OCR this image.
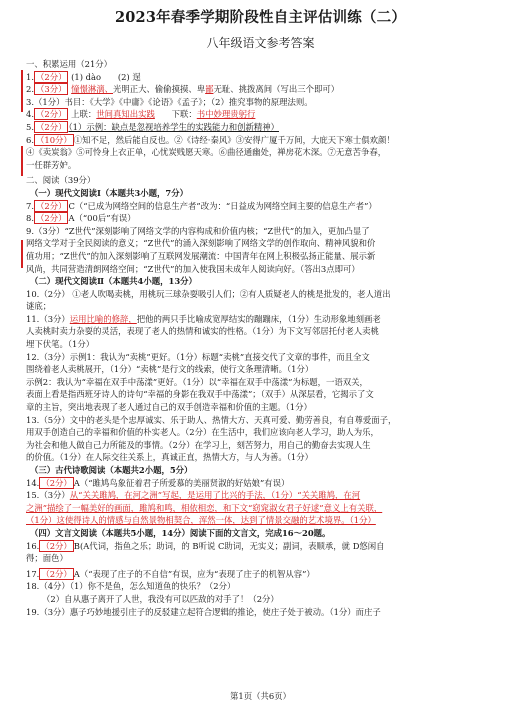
2023年春季学期阶段性自主评估训练（二）
八年级语文参考答案
一、积累运用（21分）
1. （2分） (1) dào   (2) 逞
2. （3分） 憧憬淋漓、光明正大、偷偷摸摸、卑鄙无耻、挑拨离间（写出三个即可）
3.（1分）书目：《大学》《中庸》《论语》《孟子》；（2）推究事物的原理法则。
4. （2分） 上联：世间真知出实践   下联：书中妙理贵躬行
5. （2分） （1）示例：缺点是忽视培养学生的实践能力和创新精神）
6. （10分） ①知不足，然后能自反也。②《诗经·秦风》③安得广厦千万间，大庇天下寒士俱欢颜！
④《卖炭翁》⑤可怜身上衣正单，心忧炭贱愿天寒。⑥曲径通幽处，禅房花木深。⑦无意苦争春，
一任群芳妒。
二、阅读（39分）
（一）现代文阅读Ⅰ（本题共3小题，7分）
7. （2分） C（“已成为网络空间的信息生产者”改为：“日益成为网络空间主要的信息生产者”）
8. （2分） A（“00后”有误）
9.（3分）“Z世代”深刻影响了网络文学的内容构成和价值内核；“Z世代”的加入，更加凸显了
网络文学对于全民阅读的意义；“Z世代”的涌入深刻影响了网络文学的创作取向、精神风貌和价
值功用；“Z世代”的加入深刻影响了互联网发展潮流：中国青年在网上积极弘扬正能量、展示新
风尚，共同营造清朗网络空间；“Z世代”的加入使我国未成年人阅读向好。（答出3点即可）
（二）现代文阅读Ⅱ（本题共4小题，13分）
10.（2分） ①老人吹喝卖桃，用桃玩三球杂耍吸引人们；②有人质疑老人的桃是批发的，老人道出
谜底；
11.（3分）运用比喻的修辞，把他的两只手比喻成宽厚结实的蹦蹦床，（1分）生动形象地刻画老
人卖桃时卖力杂耍的灵活，表现了老人的热情和诚实的性格。（1分）为下文写邻居托付老人卖桃
埋下伏笔。（1分）
12.（3分）示例1：我认为“卖桃”更好。（1分）标题“卖桃”直接交代了文章的事件，而且全文
围绕着老人卖桃展开，（1分）“卖桃”是行文的线索，使行文条理清晰。（1分）
示例2：我认为“幸福在双手中荡漾”更好。（1分）以“幸福在双手中荡漾”为标题，一语双关，
表面上看是指西班牙诗人的诗句“幸福的身影在我双手中荡漾”；（双手）从深层看，它揭示了文
章的主旨，突出地表现了老人通过自己的双手创造幸福和价值的主题。（1分）
13.（5分）文中的老头是个忠厚诚实、乐于助人、热情大方、天真可爱、勤劳善良，有自尊爱面子，
用双手创造自己的幸福和价值的朴实老人。（2分）在生活中，我们应该向老人学习，助人为乐，
为社会和他人做自己力所能及的事情。（2分）在学习上，刻苦努力，用自己的勤奋去实现人生
的价值。（1分）在人际交往关系上，真诚正直，热情大方，与人为善。（1分）
（三）古代诗歌阅读（本题共2小题，5分）
14. （2分） A（“雎鸠鸟象征着君子所爱慕的美丽贤淑的好姑娘”有误）
15.（3分）从“关关雎鸠，在河之洲”写起，是运用了比兴的手法，（1分）“关关雎鸠，在河
之洲”描绘了一幅美好的画面，雎鸠和鸣，相依相恋，和下文“窈窕淑女君子好逑”意义上有关联，
（1分）这使得诗人的情感与自然景物相契合，浑然一体，达到了情景交融的艺术境界。（1分）
（四）文言文阅读（本题共5小题，14分）阅读下面的文言文，完成16～20题。
16. （2分） B(A代词，指鱼之乐；助词，的 B听说 C助词，无实义；副词，表顺承，就 D悠闲自
得；面色）
17. （2分） A（“表现了庄子的不自信”有误，应为“表现了庄子的机智从容”）
18.（4分）（1）你不是鱼，怎么知道鱼的快乐？（2分）
（2）自从惠子离开了人世，我没有可以匹敌的对手了！（2分）
19.（3分）惠子巧妙地援引庄子的反驳建立起符合逻辑的推论，使庄子处于被动。（1分）而庄子
第1页（共6页）
